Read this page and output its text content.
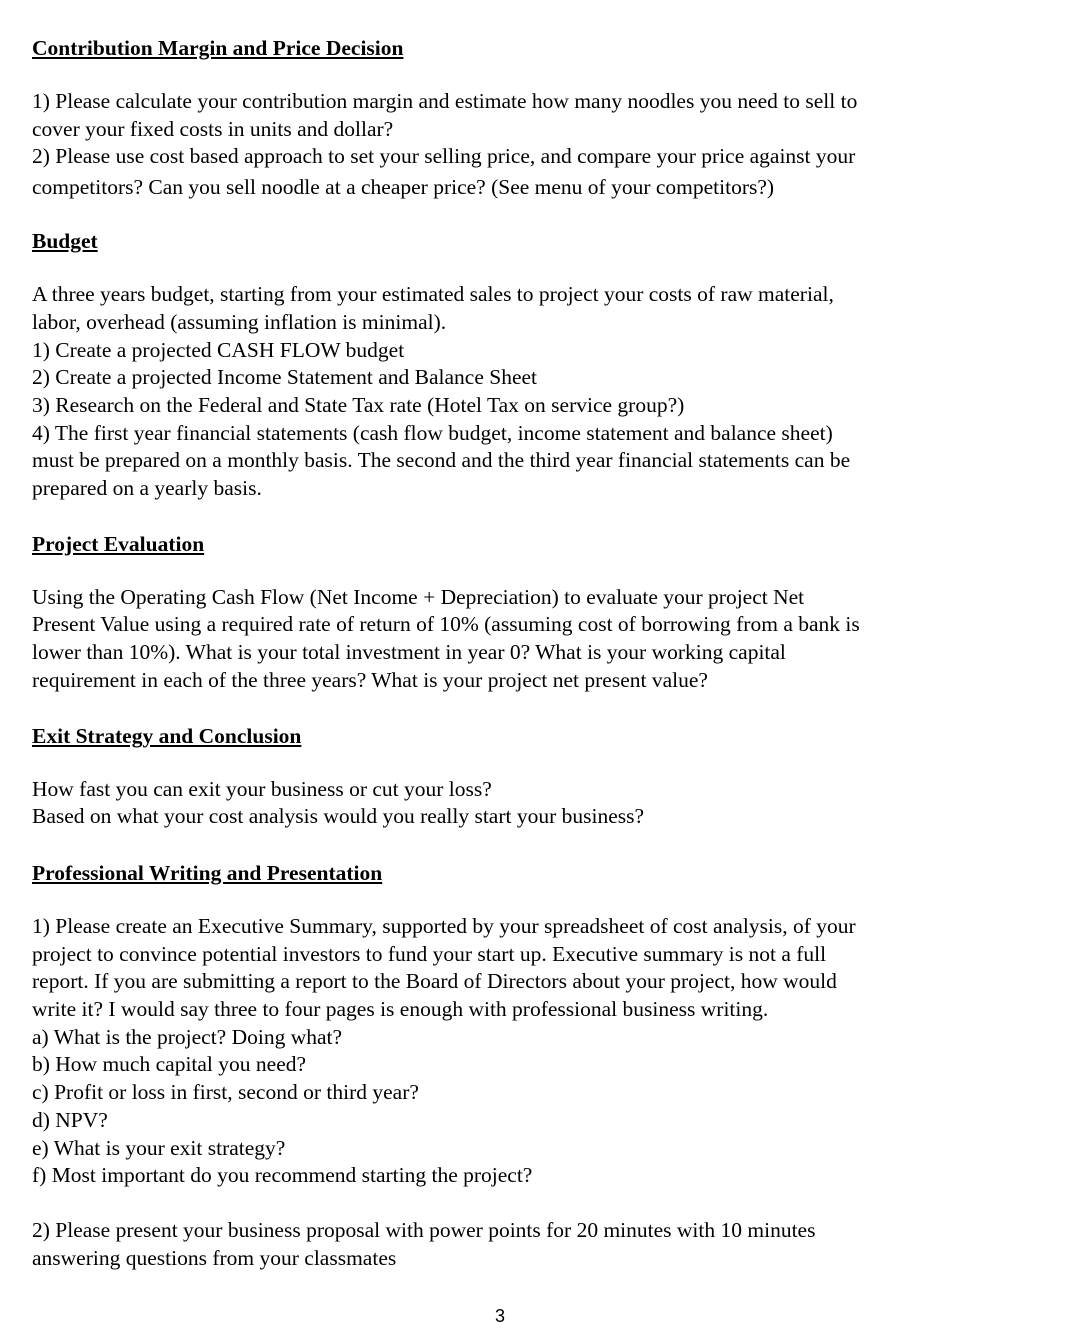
Contribution Margin and Price Decision

1) Please calculate your contribution margin and estimate how many noodles you need to sell to
cover your fixed costs in units and dollar?
2) Please use cost based approach to set your selling price, and compare your price against your
competitors? Can you sell noodle at a cheaper price? (See menu of your competitors?)

Budget

A three years budget, starting from your estimated sales to project your costs of raw material,
labor, overhead (assuming inflation is minimal).
1) Create a projected CASH FLOW budget
2) Create a projected Income Statement and Balance Sheet
3) Research on the Federal and State Tax rate (Hotel Tax on service group?)
4) The first year financial statements (cash flow budget, income statement and balance sheet)
must be prepared on a monthly basis. The second and the third year financial statements can be
prepared on a yearly basis.

Project Evaluation

Using the Operating Cash Flow (Net Income + Depreciation) to evaluate your project Net
Present Value using a required rate of return of 10% (assuming cost of borrowing from a bank is
lower than 10%). What is your total investment in year 0? What is your working capital
requirement in each of the three years? What is your project net present value?

Exit Strategy and Conclusion

How fast you can exit your business or cut your loss?
Based on what your cost analysis would you really start your business?

Professional Writing and Presentation

1) Please create an Executive Summary, supported by your spreadsheet of cost analysis, of your
project to convince potential investors to fund your start up. Executive summary is not a full
report. If you are submitting a report to the Board of Directors about your project, how would
write it? I would say three to four pages is enough with professional business writing.
a) What is the project? Doing what?
b) How much capital you need?
c) Profit or loss in first, second or third year?
d) NPV?
e) What is your exit strategy?
f) Most important do you recommend starting the project?
2) Please present your business proposal with power points for 20 minutes with 10 minutes
answering questions from your classmates
3
